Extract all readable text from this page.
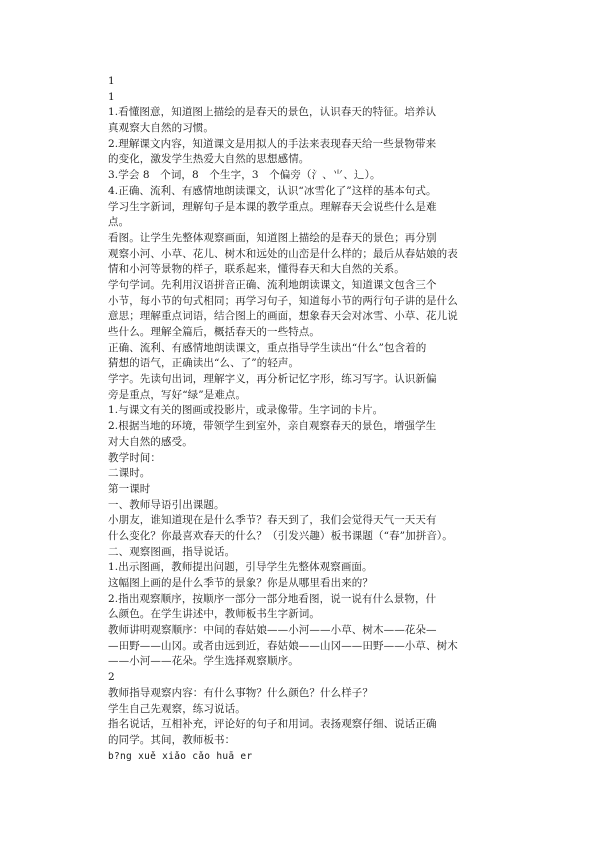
1
1
1.看懂图意，知道图上描绘的是春天的景色，认识春天的特征。培养认
真观察大自然的习惯。
2.理解课文内容，知道课文是用拟人的手法来表现春天给一些景物带来
的变化，激发学生热爱大自然的思想感情。
3.学会 8　个词，8　个生字，3　个偏旁（氵、⺌、辶）。
4.正确、流利、有感情地朗读课文，认识“冰雪化了”这样的基本句式。
学习生字新词，理解句子是本课的教学重点。理解春天会说些什么是难
点。
看图。让学生先整体观察画面，知道图上描绘的是春天的景色；再分别
观察小河、小草、花儿、树木和远处的山峦是什么样的；最后从春姑娘的表
情和小河等景物的样子，联系起来，懂得春天和大自然的关系。
学句学词。先利用汉语拼音正确、流利地朗读课文，知道课文包含三个
小节，每小节的句式相同；再学习句子，知道每小节的两行句子讲的是什么
意思；理解重点词语，结合图上的画面，想象春天会对冰雪、小草、花儿说
些什么。理解全篇后，概括春天的一些特点。
正确、流利、有感情地朗读课文，重点指导学生读出“什么”包含着的
猜想的语气，正确读出“么、了”的轻声。
学字。先读句出词，理解字义，再分析记忆字形，练习写字。认识新偏
旁是重点，写好“绿”是难点。
1.与课文有关的图画或投影片，或录像带。生字词的卡片。
2.根据当地的环境，带领学生到室外，亲自观察春天的景色，增强学生
对大自然的感受。
教学时间：
二课时。
第一课时
一、教师导语引出课题。
小朋友，谁知道现在是什么季节？春天到了，我们会觉得天气一天天有
什么变化？你最喜欢春天的什么？（引发兴趣）板书课题（“春”加拼音）。
二、观察图画，指导说话。
1.出示图画，教师提出问题，引导学生先整体观察画面。
这幅图上画的是什么季节的景象？你是从哪里看出来的？
2.指出观察顺序，按顺序一部分一部分地看图，说一说有什么景物，什
么颜色。在学生讲述中，教师板书生字新词。
教师讲明观察顺序：中间的春姑娘——小河——小草、树木——花朵—
—田野——山冈。或者由远到近，春姑娘——山冈——田野——小草、树木
——小河——花朵。学生选择观察顺序。
2
教师指导观察内容：有什么事物？什么颜色？什么样子？
学生自己先观察，练习说话。
指名说话，互相补充，评论好的句子和用词。表扬观察仔细、说话正确
的同学。其间，教师板书：
b?ng xuě xiǎo cǎo huā er
